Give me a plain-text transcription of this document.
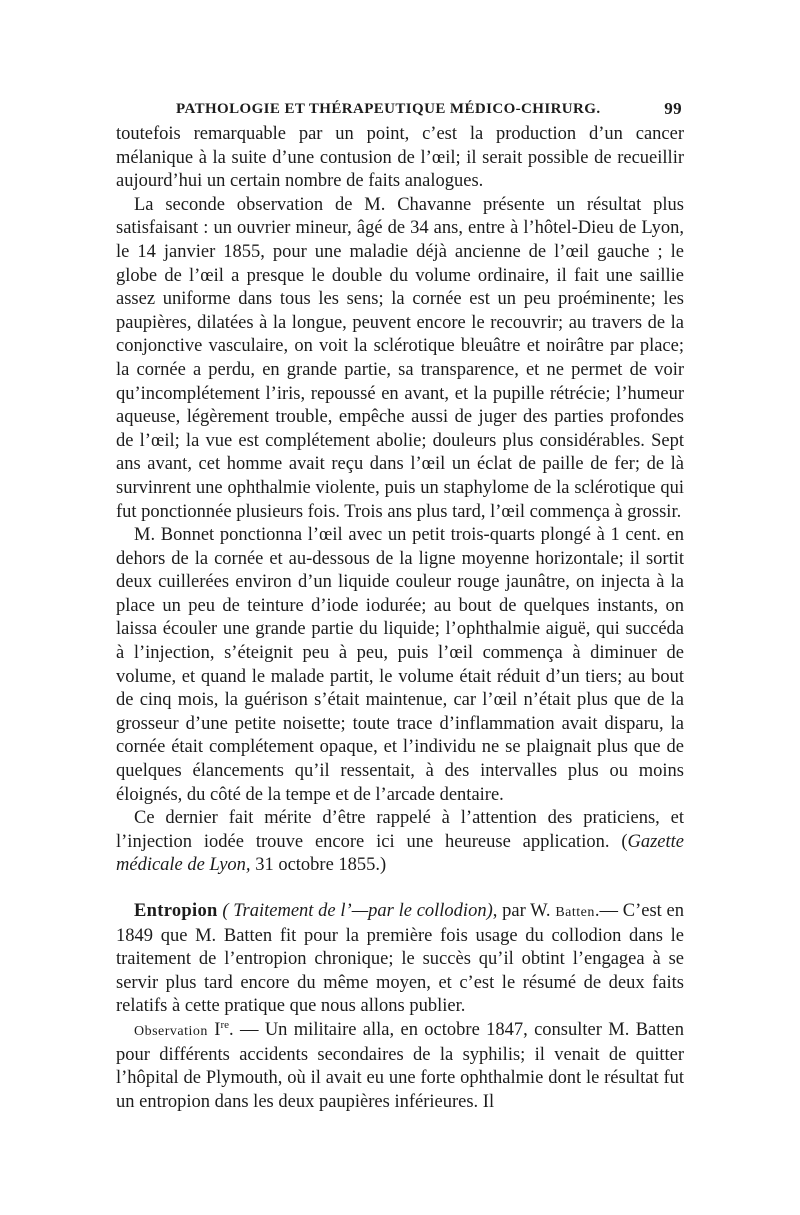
PATHOLOGIE ET THÉRAPEUTIQUE MÉDICO-CHIRURG.	99

toutefois remarquable par un point, c’est la production d’un cancer mélanique à la suite d’une contusion de l’œil; il serait possible de recueillir aujourd’hui un certain nombre de faits analogues.

La seconde observation de M. Chavanne présente un résultat plus satisfaisant : un ouvrier mineur, âgé de 34 ans, entre à l’hôtel-Dieu de Lyon, le 14 janvier 1855, pour une maladie déjà ancienne de l’œil gauche ; le globe de l’œil a presque le double du volume ordinaire, il fait une saillie assez uniforme dans tous les sens; la cornée est un peu proéminente; les paupières, dilatées à la longue, peuvent encore le recouvrir; au travers de la conjonctive vasculaire, on voit la sclérotique bleuâtre et noirâtre par place; la cornée a perdu, en grande partie, sa transparence, et ne permet de voir qu’incomplétement l’iris, repoussé en avant, et la pupille rétrécie; l’humeur aqueuse, légèrement trouble, empêche aussi de juger des parties profondes de l’œil; la vue est complétement abolie; douleurs plus considérables. Sept ans avant, cet homme avait reçu dans l’œil un éclat de paille de fer; de là survinrent une ophthalmie violente, puis un staphylome de la sclérotique qui fut ponctionnée plusieurs fois. Trois ans plus tard, l’œil commença à grossir.

M. Bonnet ponctionna l’œil avec un petit trois-quarts plongé à 1 cent. en dehors de la cornée et au-dessous de la ligne moyenne horizontale; il sortit deux cuillerées environ d’un liquide couleur rouge jaunâtre, on injecta à la place un peu de teinture d’iode iodurée; au bout de quelques instants, on laissa écouler une grande partie du liquide; l’ophthalmie aiguë, qui succéda à l’injection, s’éteignit peu à peu, puis l’œil commença à diminuer de volume, et quand le malade partit, le volume était réduit d’un tiers; au bout de cinq mois, la guérison s’était maintenue, car l’œil n’était plus que de la grosseur d’une petite noisette; toute trace d’inflammation avait disparu, la cornée était complétement opaque, et l’individu ne se plaignait plus que de quelques élancements qu’il ressentait, à des intervalles plus ou moins éloignés, du côté de la tempe et de l’arcade dentaire.

Ce dernier fait mérite d’être rappelé à l’attention des praticiens, et l’injection iodée trouve encore ici une heureuse application. (Gazette médicale de Lyon, 31 octobre 1855.)

Entropion ( Traitement de l’—par le collodion), par W. Batten.— C’est en 1849 que M. Batten fit pour la première fois usage du collodion dans le traitement de l’entropion chronique; le succès qu’il obtint l’engagea à se servir plus tard encore du même moyen, et c’est le résumé de deux faits relatifs à cette pratique que nous allons publier.

Observation Ire. — Un militaire alla, en octobre 1847, consulter M. Batten pour différents accidents secondaires de la syphilis; il venait de quitter l’hôpital de Plymouth, où il avait eu une forte ophthalmie dont le résultat fut un entropion dans les deux paupières inférieures. Il
